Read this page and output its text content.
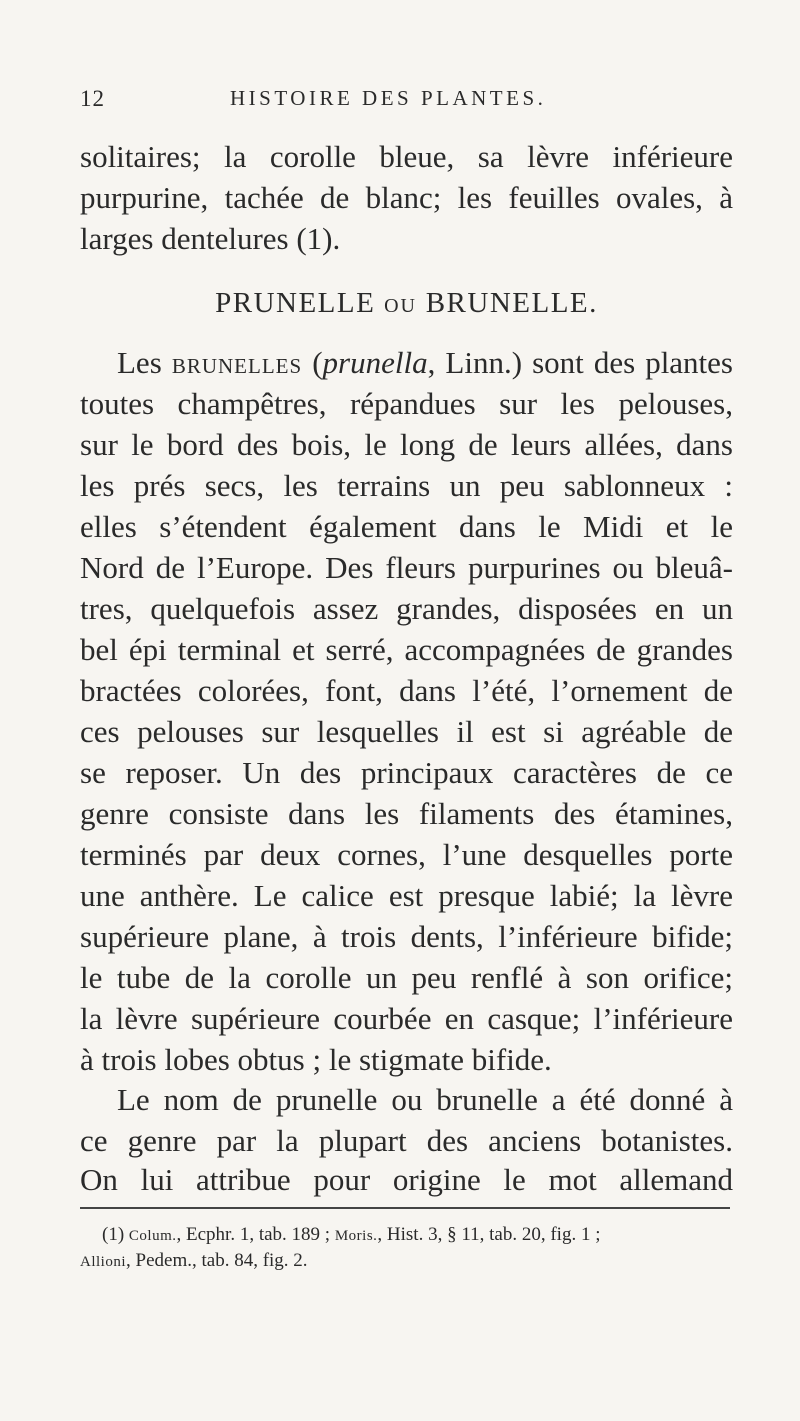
12	HISTOIRE DES PLANTES.
solitaires; la corolle bleue, sa lèvre inférieure
purpurine, tachée de blanc; les feuilles ovales, à
larges dentelures (1).
PRUNELLE OU BRUNELLE.
Les BRUNELLES (prunella, Linn.) sont des plantes
toutes champêtres, répandues sur les pelouses,
sur le bord des bois, le long de leurs allées, dans
les prés secs, les terrains un peu sablonneux :
elles s’étendent également dans le Midi et le
Nord de l’Europe. Des fleurs purpurines ou bleuâ-
tres, quelquefois assez grandes, disposées en un
bel épi terminal et serré, accompagnées de grandes
bractées colorées, font, dans l’été, l’ornement de
ces pelouses sur lesquelles il est si agréable de
se reposer. Un des principaux caractères de ce
genre consiste dans les filaments des étamines,
terminés par deux cornes, l’une desquelles porte
une anthère. Le calice est presque labié; la lèvre
supérieure plane, à trois dents, l’inférieure bifide;
le tube de la corolle un peu renflé à son orifice;
la lèvre supérieure courbée en casque; l’inférieure
à trois lobes obtus ; le stigmate bifide.
Le nom de prunelle ou brunelle a été donné à
ce genre par la plupart des anciens botanistes.
On lui attribue pour origine le mot allemand
(1) Colum., Ecphr. 1, tab. 189 ; Moris., Hist. 3, § 11, tab. 20, fig. 1 ;
Allioni, Pedem., tab. 84, fig. 2.
